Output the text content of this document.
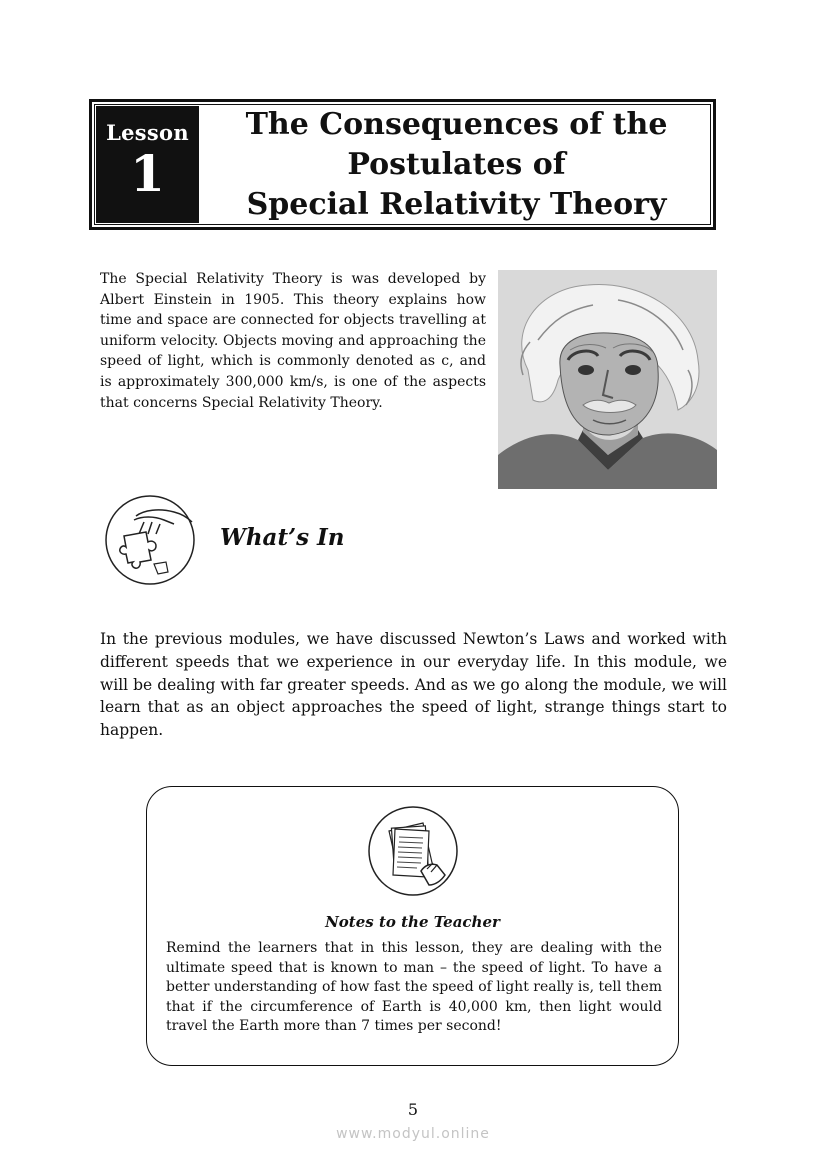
Lesson
1
The Consequences of the
Postulates of
Special Relativity Theory
The Special Relativity Theory is was developed by Albert Einstein in 1905. This theory explains how time and space are connected for objects travelling at uniform velocity. Objects moving and approaching the speed of light, which is commonly denoted as c, and is approximately 300,000 km/s, is one of the aspects that concerns Special Relativity Theory.
What’s In
In the previous modules, we have discussed Newton’s Laws and worked with different speeds that we experience in our everyday life. In this module, we will be dealing with far greater speeds. And as we go along the module, we will learn that as an object approaches the speed of light, strange things start to happen.
Notes to the Teacher
Remind the learners that in this lesson, they are dealing with the ultimate speed that is known to man – the speed of light. To have a better understanding of how fast the speed of light really is, tell them that if the circumference of Earth is 40,000 km, then light would travel the Earth more than 7 times per second!
5
www.modyul.online
